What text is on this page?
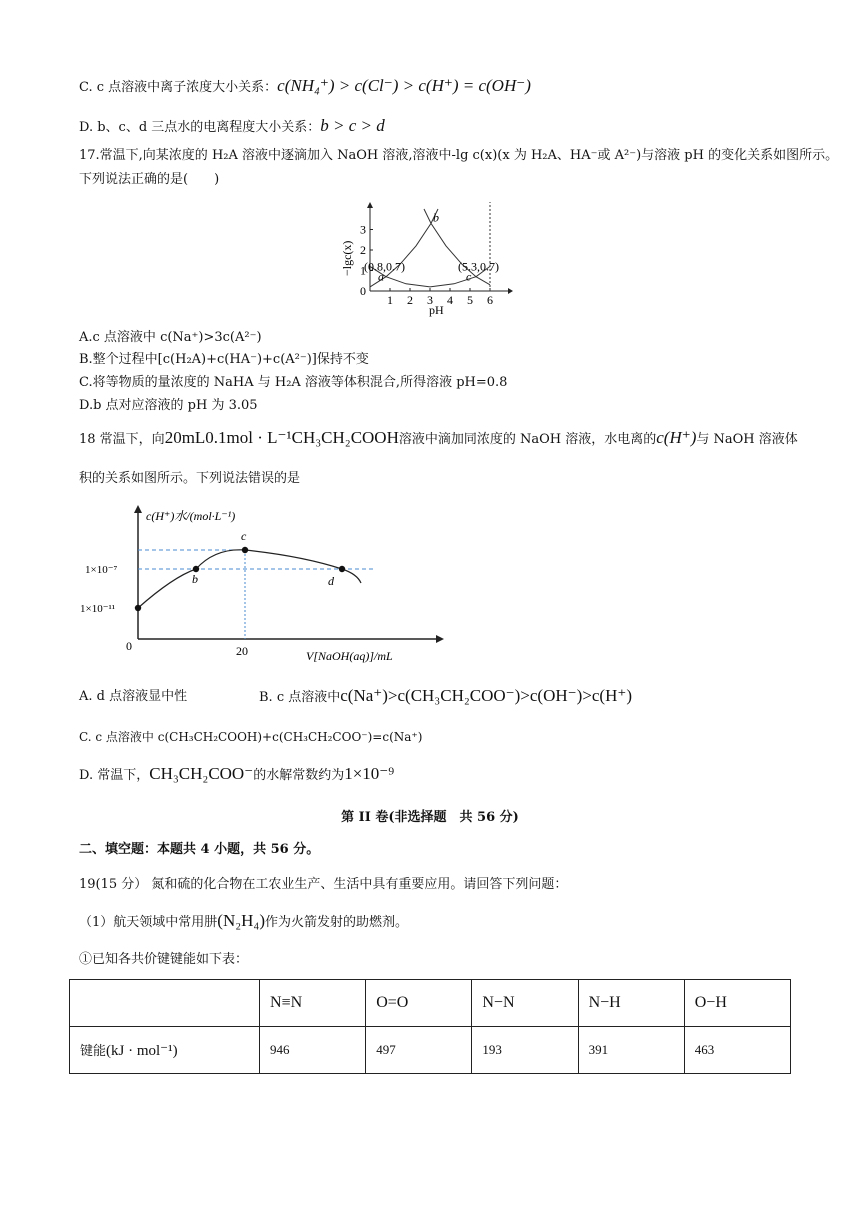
C. c 点溶液中离子浓度大小关系：c(NH₄⁺) > c(Cl⁻) > c(H⁺) = c(OH⁻)
D. b、c、d 三点水的电离程度大小关系：b > c > d
17.常温下,向某浓度的 H₂A 溶液中逐滴加入 NaOH 溶液,溶液中-lg c(x)(x 为 H₂A、HA⁻或 A²⁻)与溶液 pH 的变化关系如图所示。
下列说法正确的是(　　)
1 2 3 4 5 6
0
1
2
3
(0.8,0.7)	(5.3,0.7)
a
b
c
−lgc(x)
pH
A.c 点溶液中 c(Na⁺)>3c(A²⁻)
B.整个过程中[c(H₂A)+c(HA⁻)+c(A²⁻)]保持不变
C.将等物质的量浓度的 NaHA 与 H₂A 溶液等体积混合,所得溶液 pH=0.8
D.b 点对应溶液的 pH 为 3.05
18 常温下，向20mL0.1mol · L⁻¹CH₃CH₂COOH溶液中滴加同浓度的 NaOH 溶液，水电离的c(H⁺)与 NaOH 溶液体
积的关系如图所示。下列说法错误的是
1×10⁻⁷
1×10⁻¹¹
0	20
b
c
d
c(H⁺)水/(mol·L⁻¹)
V[NaOH(aq)]/mL
A. d 点溶液显中性	B. c 点溶液中c(Na⁺)>c(CH₃CH₂COO⁻)>c(OH⁻)>c(H⁺)
C. c 点溶液中 c(CH₃CH₂COOH)+c(CH₃CH₂COO⁻)=c(Na⁺)
D. 常温下，CH₃CH₂COO⁻的水解常数约为1×10⁻⁹
第 II 卷(非选择题　共 56 分)
二、填空题：本题共 4 小题，共 56 分。
19(15 分） 氮和硫的化合物在工农业生产、生活中具有重要应用。请回答下列问题：
（1）航天领域中常用肼(N₂H₄)作为火箭发射的助燃剂。
①已知各共价键键能如下表：
	N≡N	O=O	N−N	N−H	O−H
键能(kJ · mol⁻¹)	946	497	193	391	463
